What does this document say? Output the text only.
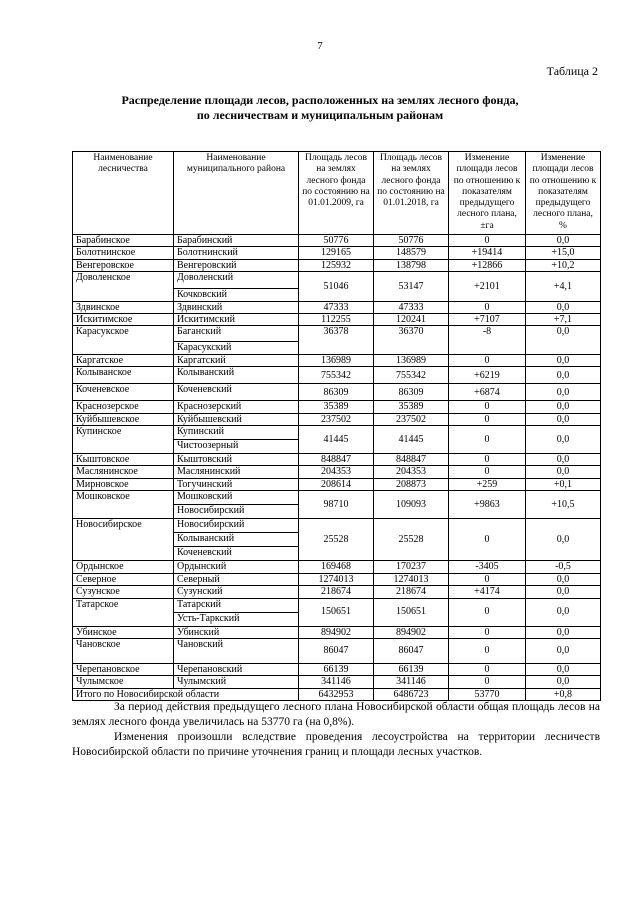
7
Таблица 2
Распределение площади лесов, расположенных на землях лесного фонда,
по лесничествам и муниципальным районам
Наименование лесничества	Наименование муниципального района	Площадь лесов на землях лесного фонда по состоянию на 01.01.2009, га	Площадь лесов на землях лесного фонда по состоянию на 01.01.2018, га	Изменение площади лесов по отношению к показателям предыдущего лесного плана, ±га	Изменение площади лесов по отношению к показателям предыдущего лесного плана, %
Барабинское	Барабинский	50776	50776	0	0,0
Болотнинское	Болотнинский	129165	148579	+19414	+15,0
Венгеровское	Венгеровский	125932	138798	+12866	+10,2
Доволенское	Доволенский	51046	53147	+2101	+4,1
	Кочковский				
Здвинское	Здвинский	47333	47333	0	0,0
Искитимское	Искитимский	112255	120241	+7107	+7,1
Карасукское	Баганский	36378	36370	-8	0,0
	Карасукский				
Каргатское	Каргатский	136989	136989	0	0,0
Колыванское	Колыванский	755342	755342	+6219	0,0
Коченевское	Коченевский	86309	86309	+6874	0,0
Краснозерское	Краснозерский	35389	35389	0	0,0
Куйбышевское	Куйбышевский	237502	237502	0	0,0
Купинское	Купинский	41445	41445	0	0,0
	Чистоозерный				
Кыштовское	Кыштовский	848847	848847	0	0,0
Маслянинское	Маслянинский	204353	204353	0	0,0
Мирновское	Тогучинский	208614	208873	+259	+0,1
Мошковское	Мошковский	98710	109093	+9863	+10,5
	Новосибирский				
Новосибирское	Новосибирский	25528	25528	0	0,0
	Колыванский				
	Коченевский				
Ордынское	Ордынский	169468	170237	-3405	-0,5
Северное	Северный	1274013	1274013	0	0,0
Сузунское	Сузунский	218674	218674	+4174	0,0
Татарское	Татарский	150651	150651	0	0,0
	Усть-Таркский				
Убинское	Убинский	894902	894902	0	0,0
Чановское	Чановский	86047	86047	0	0,0
Черепановское	Черепановский	66139	66139	0	0,0
Чулымское	Чулымский	341146	341146	0	0,0
Итого по Новосибирской области		6432953	6486723	53770	+0,8

За период действия предыдущего лесного плана Новосибирской области общая площадь лесов на землях лесного фонда увеличилась на 53770 га (на 0,8%).

Изменения произошли вследствие проведения лесоустройства на территории лесничеств Новосибирской области по причине уточнения границ и площади лесных участков.
